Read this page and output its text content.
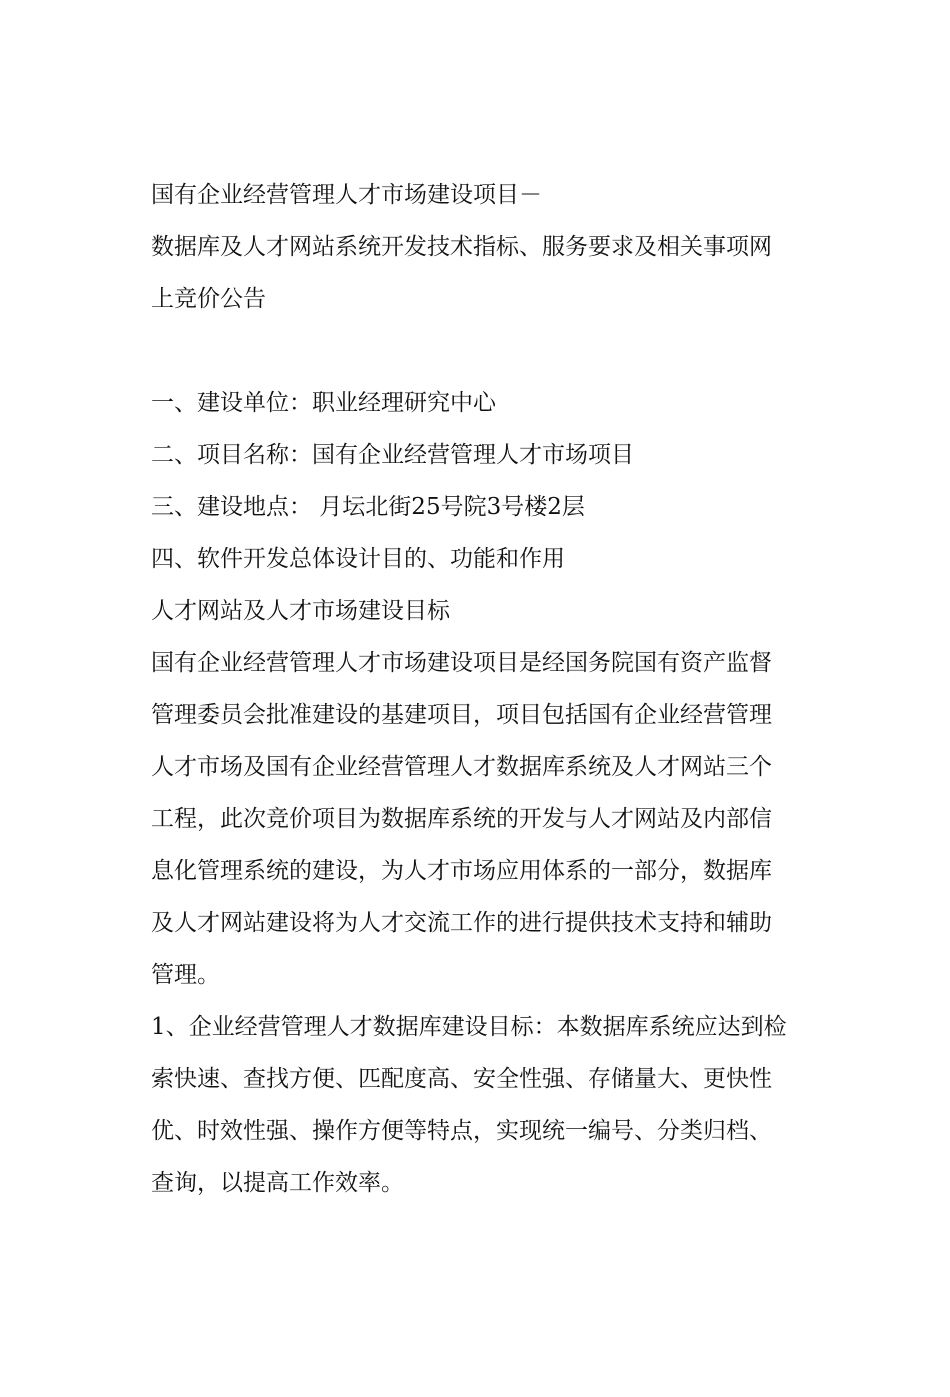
国有企业经营管理人才市场建设项目－
数据库及人才网站系统开发技术指标、服务要求及相关事项网
上竞价公告
一、建设单位：职业经理研究中心
二、项目名称：国有企业经营管理人才市场项目
三、建设地点： 月坛北街25号院3号楼2层
四、软件开发总体设计目的、功能和作用
人才网站及人才市场建设目标
国有企业经营管理人才市场建设项目是经国务院国有资产监督
管理委员会批准建设的基建项目，项目包括国有企业经营管理
人才市场及国有企业经营管理人才数据库系统及人才网站三个
工程，此次竞价项目为数据库系统的开发与人才网站及内部信
息化管理系统的建设，为人才市场应用体系的一部分，数据库
及人才网站建设将为人才交流工作的进行提供技术支持和辅助
管理。
1、企业经营管理人才数据库建设目标：本数据库系统应达到检
索快速、查找方便、匹配度高、安全性强、存储量大、更快性
优、时效性强、操作方便等特点，实现统一编号、分类归档、
查询，以提高工作效率。
